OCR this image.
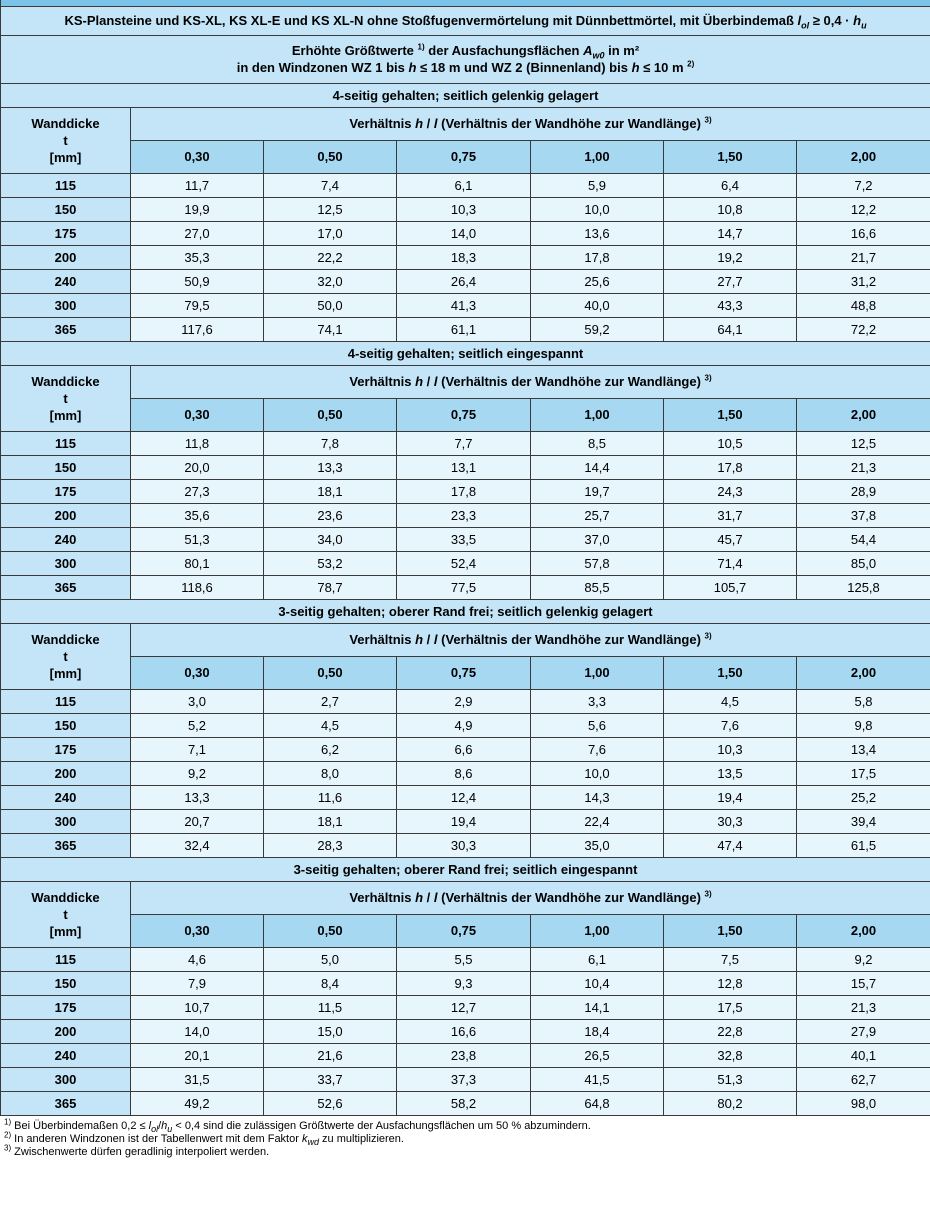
KS-Plansteine und KS-XL, KS XL-E und KS XL-N ohne Stoßfugenvermörtelung mit Dünnbettmörtel, mit Überbindemaß $l_{ol} \ge 0,4 \cdot h_u$

Erhöhte Größtwerte $^{1)}$ der Ausfachungsflächen $A_{w0}$ in m²
in den Windzonen WZ 1 bis h ≤ 18 m und WZ 2 (Binnenland) bis h ≤ 10 m $^{2)}$

4-seitig gehalten; seitlich gelenkig gelagert						

Wanddicke
t
[mm]	Verhältnis h / l (Verhältnis der Wandhöhe zur Wandlänge) $^{3)}$
	0,30	0,50	0,75	1,00	1,50	2,00
115	11,7	7,4	6,1	5,9	6,4	7,2
150	19,9	12,5	10,3	10,0	10,8	12,2
175	27,0	17,0	14,0	13,6	14,7	16,6
200	35,3	22,2	18,3	17,8	19,2	21,7
240	50,9	32,0	26,4	25,6	27,7	31,2
300	79,5	50,0	41,3	40,0	43,3	48,8
365	117,6	74,1	61,1	59,2	64,1	72,2
4-seitig gehalten; seitlich eingespannt						

Wanddicke
t
[mm]	Verhältnis h / l (Verhältnis der Wandhöhe zur Wandlänge) $^{3)}$
	0,30	0,50	0,75	1,00	1,50	2,00
115	11,8	7,8	7,7	8,5	10,5	12,5
150	20,0	13,3	13,1	14,4	17,8	21,3
175	27,3	18,1	17,8	19,7	24,3	28,9
200	35,6	23,6	23,3	25,7	31,7	37,8
240	51,3	34,0	33,5	37,0	45,7	54,4
300	80,1	53,2	52,4	57,8	71,4	85,0
365	118,6	78,7	77,5	85,5	105,7	125,8
3-seitig gehalten; oberer Rand frei; seitlich gelenkig gelagert						

Wanddicke
t
[mm]	Verhältnis h / l (Verhältnis der Wandhöhe zur Wandlänge) $^{3)}$
	0,30	0,50	0,75	1,00	1,50	2,00
115	3,0	2,7	2,9	3,3	4,5	5,8
150	5,2	4,5	4,9	5,6	7,6	9,8
175	7,1	6,2	6,6	7,6	10,3	13,4
200	9,2	8,0	8,6	10,0	13,5	17,5
240	13,3	11,6	12,4	14,3	19,4	25,2
300	20,7	18,1	19,4	22,4	30,3	39,4
365	32,4	28,3	30,3	35,0	47,4	61,5
3-seitig gehalten; oberer Rand frei; seitlich eingespannt						

Wanddicke
t
[mm]	Verhältnis h / l (Verhältnis der Wandhöhe zur Wandlänge) $^{3)}$
	0,30	0,50	0,75	1,00	1,50	2,00
115	4,6	5,0	5,5	6,1	7,5	9,2
150	7,9	8,4	9,3	10,4	12,8	15,7
175	10,7	11,5	12,7	14,1	17,5	21,3
200	14,0	15,0	16,6	18,4	22,8	27,9
240	20,1	21,6	23,8	26,5	32,8	40,1
300	31,5	33,7	37,3	41,5	51,3	62,7
365	49,2	52,6	58,2	64,8	80,2	98,0
$^{1)}$ Bei Überbindemaßen $0,2 \le l_{ol}/h_u < 0,4$ sind die zulässigen Größtwerte der Ausfachungsflächen um 50 % abzumindern.
$^{2)}$ In anderen Windzonen ist der Tabellenwert mit dem Faktor $k_{wd}$ zu multiplizieren.
$^{3)}$ Zwischenwerte dürfen geradlinig interpoliert werden.
